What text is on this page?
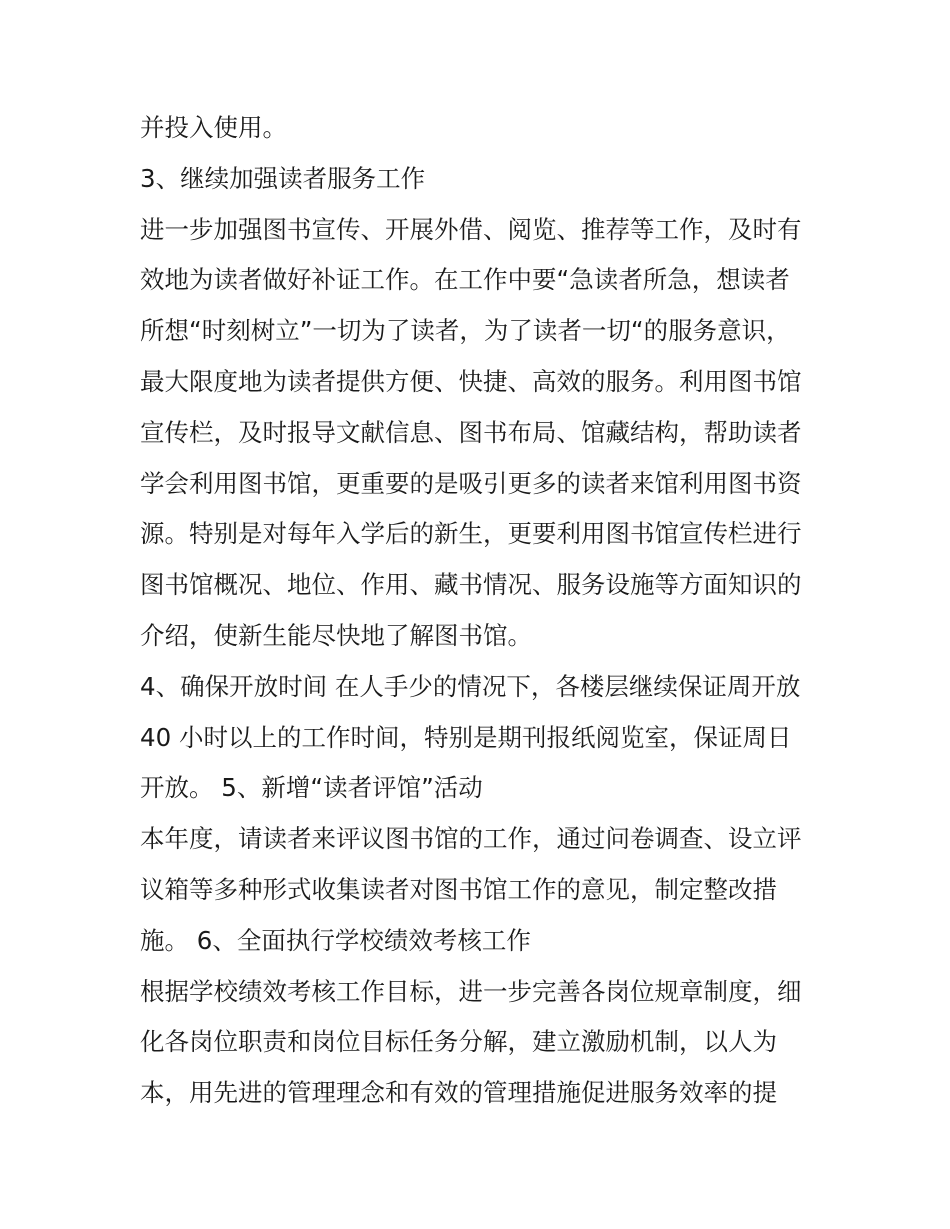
并投入使用。
3、继续加强读者服务工作
进一步加强图书宣传、开展外借、阅览、推荐等工作，及时有
效地为读者做好补证工作。在工作中要“急读者所急，想读者
所想“时刻树立”一切为了读者，为了读者一切“的服务意识，
最大限度地为读者提供方便、快捷、高效的服务。利用图书馆
宣传栏，及时报导文献信息、图书布局、馆藏结构，帮助读者
学会利用图书馆，更重要的是吸引更多的读者来馆利用图书资
源。特别是对每年入学后的新生，更要利用图书馆宣传栏进行
图书馆概况、地位、作用、藏书情况、服务设施等方面知识的
介绍，使新生能尽快地了解图书馆。
4、确保开放时间 在人手少的情况下，各楼层继续保证周开放
40 小时以上的工作时间，特别是期刊报纸阅览室，保证周日
开放。 5、新增“读者评馆”活动
本年度，请读者来评议图书馆的工作，通过问卷调查、设立评
议箱等多种形式收集读者对图书馆工作的意见，制定整改措
施。 6、全面执行学校绩效考核工作
根据学校绩效考核工作目标，进一步完善各岗位规章制度，细
化各岗位职责和岗位目标任务分解，建立激励机制，以人为
本，用先进的管理理念和有效的管理措施促进服务效率的提
